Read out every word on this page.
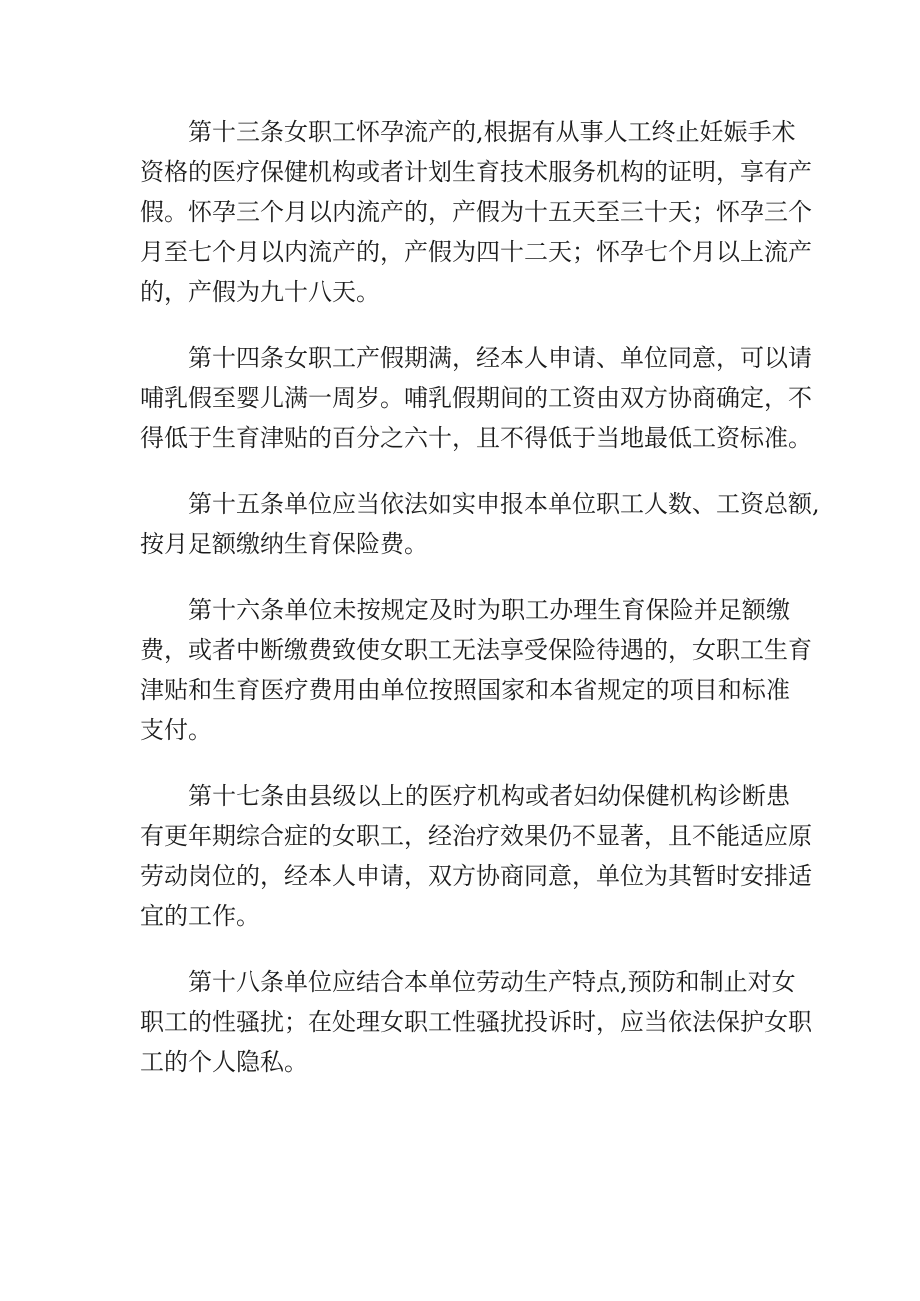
第十三条女职工怀孕流产的,根据有从事人工终止妊娠手术
资格的医疗保健机构或者计划生育技术服务机构的证明，享有产
假。怀孕三个月以内流产的，产假为十五天至三十天；怀孕三个
月至七个月以内流产的，产假为四十二天；怀孕七个月以上流产
的，产假为九十八天。

第十四条女职工产假期满，经本人申请、单位同意，可以请
哺乳假至婴儿满一周岁。哺乳假期间的工资由双方协商确定，不
得低于生育津贴的百分之六十，且不得低于当地最低工资标准。

第十五条单位应当依法如实申报本单位职工人数、工资总额,
按月足额缴纳生育保险费。

第十六条单位未按规定及时为职工办理生育保险并足额缴
费，或者中断缴费致使女职工无法享受保险待遇的，女职工生育
津贴和生育医疗费用由单位按照国家和本省规定的项目和标准
支付。

第十七条由县级以上的医疗机构或者妇幼保健机构诊断患
有更年期综合症的女职工，经治疗效果仍不显著，且不能适应原
劳动岗位的，经本人申请，双方协商同意，单位为其暂时安排适
宜的工作。

第十八条单位应结合本单位劳动生产特点,预防和制止对女
职工的性骚扰；在处理女职工性骚扰投诉时，应当依法保护女职
工的个人隐私。
